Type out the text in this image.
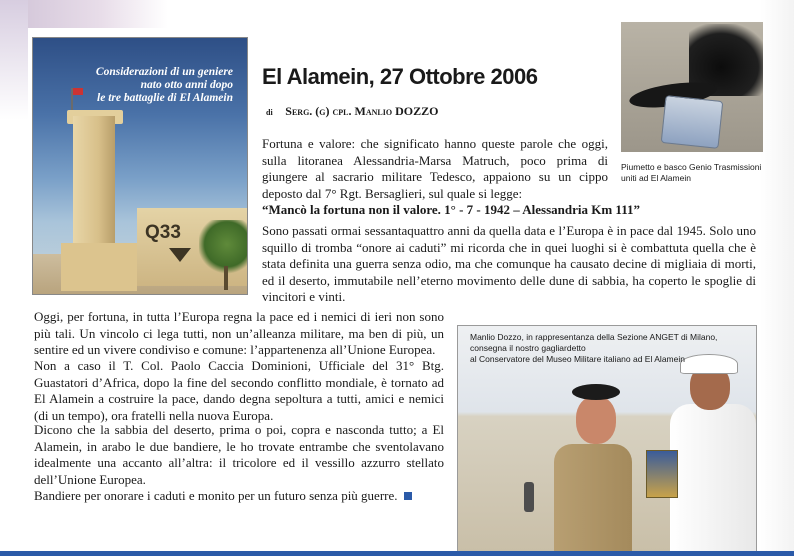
Q33
Considerazioni di un geniere
nato otto anni dopo
le tre battaglie di El Alamein
El Alamein, 27 Ottobre 2006
di Serg. (g) cpl. Manlio DOZZO
Fortuna e valore: che significato hanno queste parole che oggi, sulla litoranea Alessandria-Marsa Matruch, poco prima di giungere al sacrario militare Tedesco, appaiono su un cippo deposto dal 7° Rgt. Bersaglieri, sul quale si legge:
“Mancò la fortuna non il valore. 1° - 7 - 1942 – Alessandria Km 111”
Sono passati ormai sessantaquattro anni da quella data e l’Europa è in pace dal 1945. Solo uno squillo di tromba “onore ai caduti” mi ricorda che in quei luoghi si è combattuta quella che è stata definita una guerra senza odio, ma che comunque ha causato decine di migliaia di morti, ed il deserto, immutabile nell’eterno movimento delle dune di sabbia, ha coperto le spoglie di vincitori e vinti.
Piumetto e basco Genio Trasmissioni
uniti ad El Alamein
Oggi, per fortuna, in tutta l’Europa regna la pace ed i nemici di ieri non sono più tali. Un vincolo ci lega tutti, non un’alleanza militare, ma ben di più, un sentire ed un vivere condiviso e comune: l’appartenenza all’Unione Europea.
Non a caso il T. Col. Paolo Caccia Dominioni, Ufficiale del 31° Btg. Guastatori d’Africa, dopo la fine del secondo conflitto mondiale, è tornato ad El Alamein a costruire la pace, dando degna sepoltura a tutti, amici e nemici (di un tempo), ora fratelli nella nuova Europa.
Dicono che la sabbia del deserto, prima o poi, copra e nasconda tutto; a El Alamein, in arabo le due bandiere, le ho trovate entrambe che sventolavano idealmente una accanto all’altra: il tricolore ed il vessillo azzurro stellato dell’Unione Europea.
Bandiere per onorare i caduti e monito per un futuro senza più guerre.
Manlio Dozzo, in rappresentanza della Sezione ANGET di Milano,
consegna il nostro gagliardetto
al Conservatore del Museo Militare italiano ad El Alamein
